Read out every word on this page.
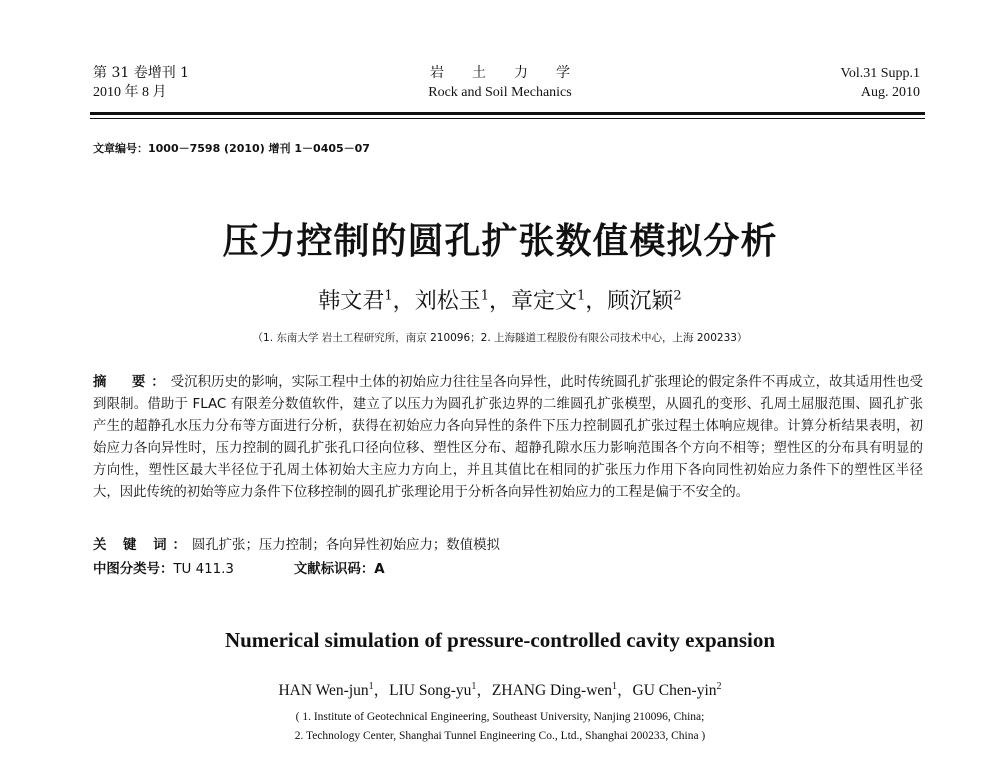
第 31 卷增刊 1
2010 年 8 月
岩土力学
Rock and Soil Mechanics
Vol.31 Supp.1
Aug. 2010
文章编号：1000－7598 (2010) 增刊 1－0405－07
压力控制的圆孔扩张数值模拟分析
韩文君$^1$，刘松玉$^1$，章定文$^1$，顾沉颖$^2$
（1. 东南大学 岩土工程研究所，南京 210096；2. 上海隧道工程股份有限公司技术中心，上海 200233）
摘　要：受沉积历史的影响，实际工程中土体的初始应力往往呈各向异性，此时传统圆孔扩张理论的假定条件不再成立，故其适用性也受到限制。借助于 FLAC 有限差分数值软件，建立了以压力为圆孔扩张边界的二维圆孔扩张模型，从圆孔的变形、孔周土屈服范围、圆孔扩张产生的超静孔水压力分布等方面进行分析，获得在初始应力各向异性的条件下压力控制圆孔扩张过程土体响应规律。计算分析结果表明，初始应力各向异性时，压力控制的圆孔扩张孔口径向位移、塑性区分布、超静孔隙水压力影响范围各个方向不相等；塑性区的分布具有明显的方向性，塑性区最大半径位于孔周土体初始大主应力方向上，并且其值比在相同的扩张压力作用下各向同性初始应力条件下的塑性区半径大，因此传统的初始等应力条件下位移控制的圆孔扩张理论用于分析各向异性初始应力的工程是偏于不安全的。
关 键 词：圆孔扩张；压力控制；各向异性初始应力；数值模拟
中图分类号：TU 411.3	文献标识码：A
Numerical simulation of pressure-controlled cavity expansion
HAN Wen-jun$^1$，LIU Song-$yu^1$，ZHANG Ding-wen$^1$，GU Chen-yin$^2$
( 1. Institute of Geotechnical Engineering, Southeast University, Nanjing 210096, China;
2. Technology Center, Shanghai Tunnel Engineering Co., Ltd., Shanghai 200233, China )
